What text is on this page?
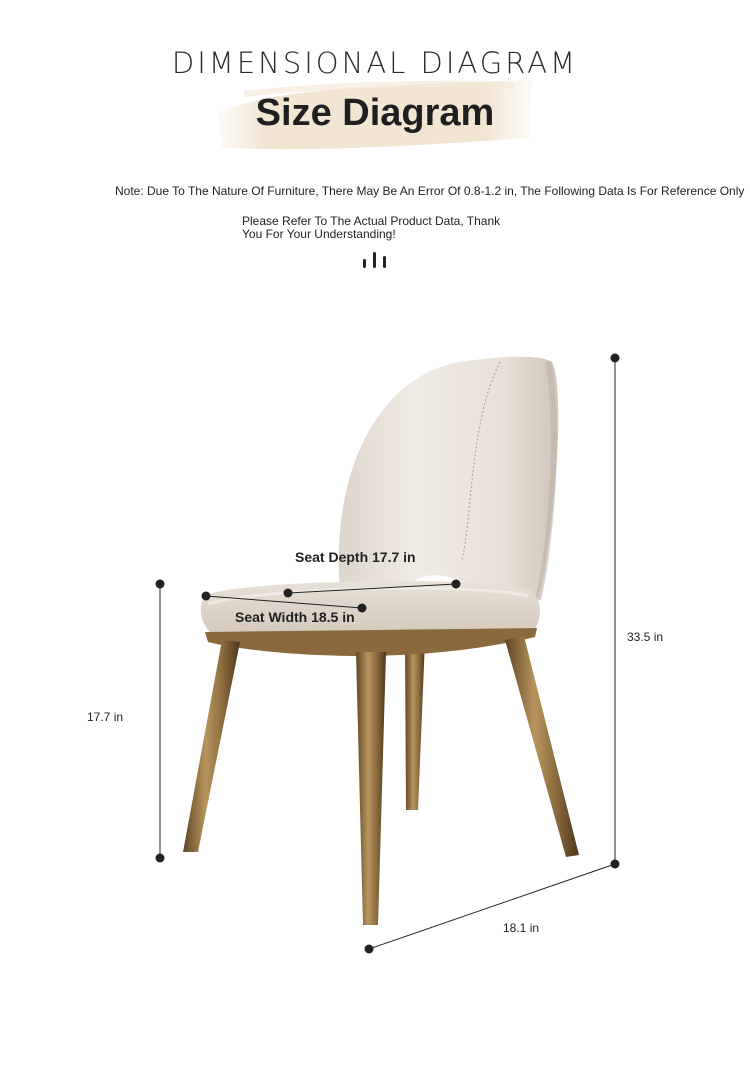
DIMENSIONAL DIAGRAM
Size Diagram
Note: Due To The Nature Of Furniture, There May Be An Error Of 0.8-1.2 in, The Following Data Is For Reference Only
Please Refer To The Actual Product Data, Thank
You For Your Understanding!
Seat Depth 17.7 in
Seat Width 18.5 in
33.5 in
17.7 in
18.1 in
